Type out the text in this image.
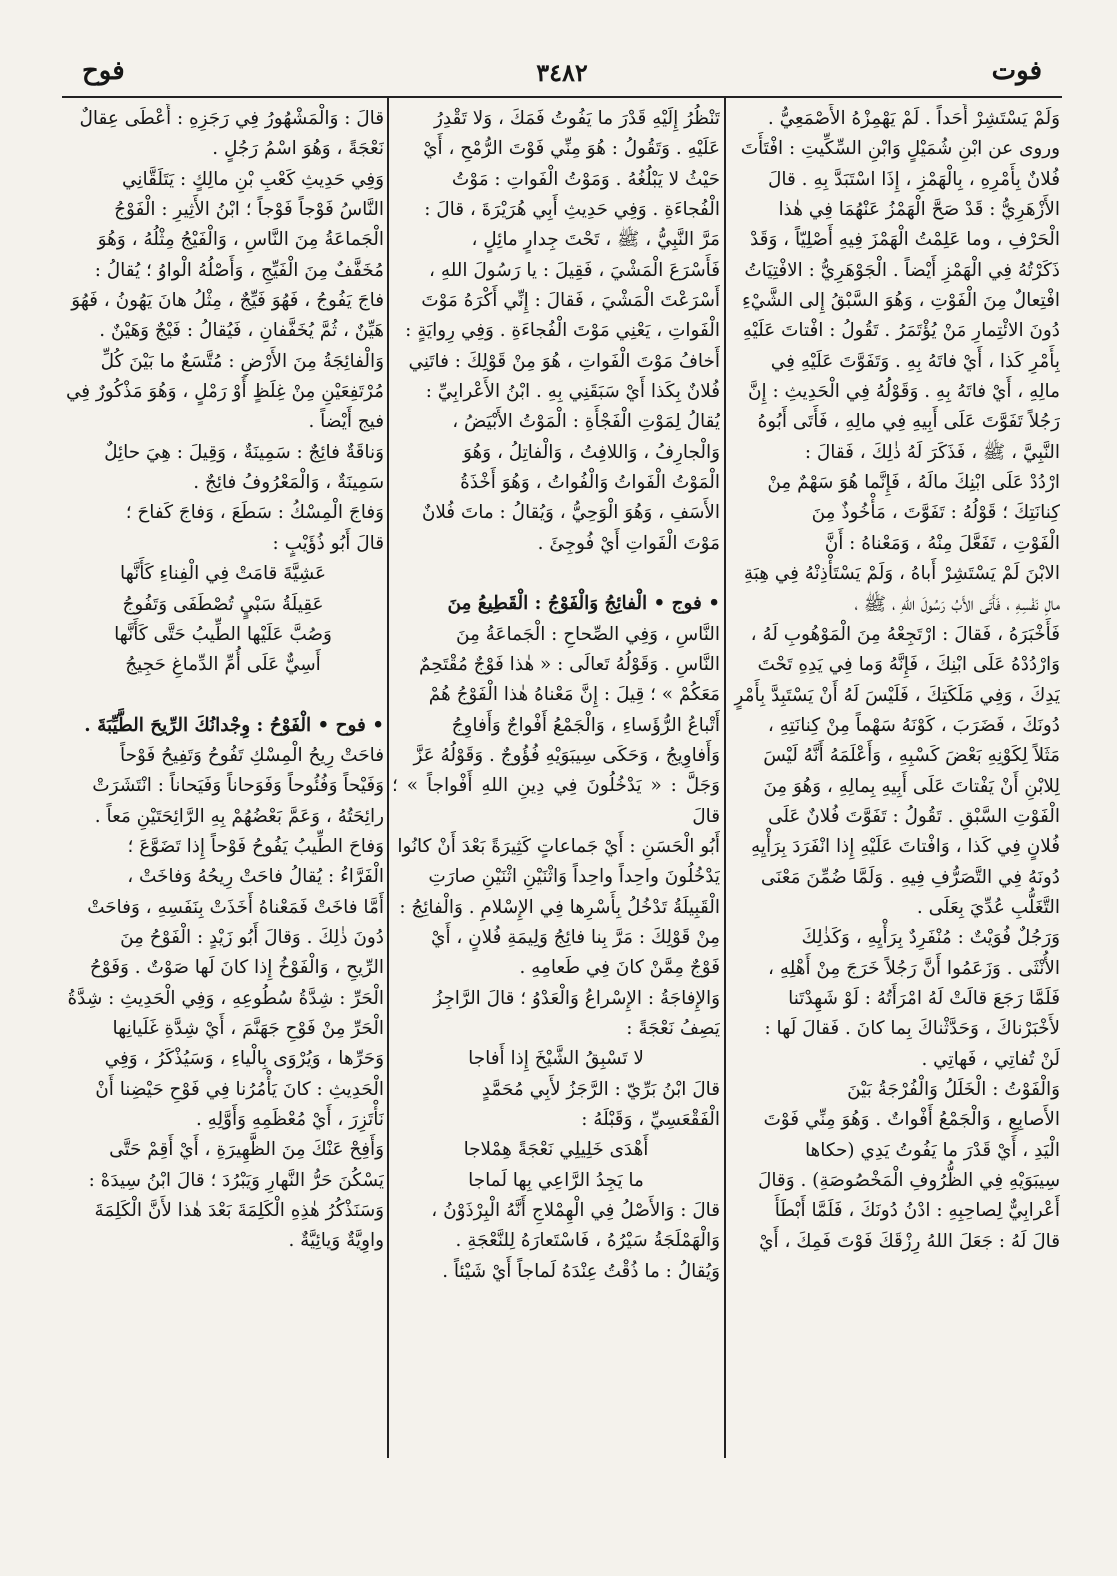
فوت
٣٤٨٢
فوح

وَلَمْ يَسْتَشِرْ أَحَداً . لَمْ يَهْمِزْهُ الأَصْمَعِيُّ .

وروى عن ابْنِ شُمَيْلٍ وَابْنِ السِّكِّيتِ : افْتَأَتَ

فُلانٌ بِأَمْرِهِ ، بِالْهَمْزِ ، إِذَا اسْتَبَدَّ بِهِ . قالَ

الأَزْهَرِيُّ : قَدْ صَحَّ الْهَمْزُ عَنْهُمَا فِي هٰذا

الْحَرْفِ ، وما عَلِمْتُ الْهَمْزَ فِيهِ أَصْلِيّاً ، وَقَدْ

ذَكَرْتُهُ فِي الْهَمْزِ أَيْضاً . الْجَوْهَرِيُّ : الافْتِيَاتُ

افْتِعالٌ مِنَ الْفَوْتِ ، وَهُوَ السَّبْقُ إِلى الشَّيْءِ

دُونَ الائْتِمارِ مَنْ يُؤْتَمَرُ . تَقُولُ : افْتاتَ عَلَيْهِ

بِأَمْرِ كَذا ، أَيْ فاتَهُ بِهِ . وَتَفَوَّتَ عَلَيْهِ فِي

مالِهِ ، أَيْ فاتَهُ بِهِ . وَقَوْلُهُ فِي الْحَدِيثِ : إِنَّ

رَجُلاً تَفَوَّتَ عَلَى أَبِيهِ فِي مالِهِ ، فَأَتَى أَبُوهُ

النَّبِيَّ ، ﷺ ، فَذَكَرَ لَهُ ذٰلِكَ ، فَقالَ :

ارْدُدْ عَلَى ابْنِكَ مالَهُ ، فَإِنَّما هُوَ سَهْمٌ مِنْ

كِنانَتِكَ ؛ قَوْلُهُ : تَفَوَّتَ ، مَأْخُوذٌ مِنَ

الْفَوْتِ ، تَفَعَّلَ مِنْهُ ، وَمَعْناهُ : أَنَّ

الابْنَ لَمْ يَسْتَشِرْ أَباهُ ، وَلَمْ يَسْتَأْذِنْهُ فِي هِبَةِ

مالِ نَفْسِهِ ، فَأَتَى الأَبُ رَسُولَ اللهِ ، ﷺ ،

فَأَخْبَرَهُ ، فَقالَ : ارْتَجِعْهُ مِنَ الْمَوْهُوبِ لَهُ ،

وَارْدُدْهُ عَلَى ابْنِكَ ، فَإِنَّهُ وَما فِي يَدِهِ تَحْتَ

يَدِكَ ، وَفِي مَلَكَتِكَ ، فَلَيْسَ لَهُ أَنْ يَسْتَبِدَّ بِأَمْرٍ

دُونَكَ ، فَضَرَبَ ، كَوْنَهُ سَهْماً مِنْ كِنانَتِهِ ،

مَثَلاً لِكَوْنِهِ بَعْضَ كَسْبِهِ ، وَأَعْلَمَهُ أَنَّهُ لَيْسَ

لِلابْنِ أَنْ يَفْتاتَ عَلَى أَبِيهِ بِمالِهِ ، وَهُوَ مِنَ

الْفَوْتِ السَّبْقِ . تَقُولُ : تَفَوَّتَ فُلانٌ عَلَى

فُلانٍ فِي كَذا ، وَافْتاتَ عَلَيْهِ إِذا انْفَرَدَ بِرَأْيِهِ

دُونَهُ فِي التَّصَرُّفِ فِيهِ . وَلَمَّا ضُمِّنَ مَعْنَى

التَّغَلُّبِ عُدِّيَ بِعَلَى .

وَرَجُلٌ فُوَيْتٌ : مُنْفَرِدٌ بِرَأْيِهِ ، وَكَذٰلِكَ

الأُنْثَى . وَزَعَمُوا أَنَّ رَجُلاً خَرَجَ مِنْ أَهْلِهِ ،

فَلَمَّا رَجَعَ قالَتْ لَهُ امْرَأَتُهُ : لَوْ شَهِدْتَنا

لأَخْبَرْناكَ ، وَحَدَّثْناكَ بِما كانَ . فَقالَ لَها :

لَنْ تُفاتِي ، فَهاتِي .

وَالْفَوْتُ : الْخَلَلُ وَالْفُرْجَةُ بَيْنَ

الأَصابِعِ ، وَالْجَمْعُ أَفْواتٌ . وَهُوَ مِنِّي فَوْتَ

الْيَدِ ، أَيْ قَدْرَ ما يَفُوتُ يَدِي (حكاها

سِيبَوَيْهِ فِي الظُّرُوفِ الْمَخْصُوصَةِ) . وَقالَ

أَعْرابِيٌّ لِصاحِبِهِ : ادْنُ دُونَكَ ، فَلَمَّا أَبْطَأَ

قالَ لَهُ : جَعَلَ اللهُ رِزْقَكَ فَوْتَ فَمِكَ ، أَيْ

تَنْظُرُ إِلَيْهِ قَدْرَ ما يَفُوتُ فَمَكَ ، وَلا تَقْدِرُ

عَلَيْهِ . وَتَقُولُ : هُوَ مِنِّي فَوْتَ الرُّمْحِ ، أَيْ

حَيْثُ لا يَبْلُغُهُ . وَمَوْتُ الْفَواتِ : مَوْتُ

الْفُجاءَةِ . وَفِي حَدِيثِ أَبِي هُرَيْرَةَ ، قالَ :

مَرَّ النَّبِيُّ ، ﷺ ، تَحْتَ جِدارٍ مائِلٍ ،

فَأَسْرَعَ الْمَشْيَ ، فَقِيلَ : يا رَسُولَ اللهِ ،

أَسْرَعْتَ الْمَشْيَ ، فَقالَ : إِنِّي أَكْرَهُ مَوْتَ

الْفَواتِ ، يَعْنِي مَوْتَ الْفُجاءَةِ . وَفِي رِوايَةٍ :

أَخافُ مَوْتَ الْفَواتِ ، هُوَ مِنْ قَوْلِكَ : فاتَنِي

فُلانٌ بِكَذا أَيْ سَبَقَنِي بِهِ . ابْنُ الأَعْرابِيِّ :

يُقالُ لِمَوْتِ الْفَجْأَةِ : الْمَوْتُ الأَبْيَضُ ،

وَالْجارِفُ ، وَاللافِتُ ، وَالْفاتِلُ ، وَهُوَ

الْمَوْتُ الْفَواتُ وَالْفُواتُ ، وَهُوَ أَخْذَةُ

الأَسَفِ ، وَهُوَ الْوَحِيُّ ، وَيُقالُ : ماتَ فُلانٌ

مَوْتَ الْفَواتِ أَيْ فُوجِئَ .

• فوج • الْفائِجُ وَالْفَوْجُ : الْقَطِيعُ مِنَ

النَّاسِ ، وَفِي الصِّحاحِ : الْجَماعَةُ مِنَ

النَّاسِ . وَقَوْلُهُ تَعالَى : « هٰذا فَوْجٌ مُقْتَحِمٌ

مَعَكُمْ » ؛ قِيلَ : إِنَّ مَعْناهُ هٰذا الْفَوْجُ هُمْ

أَتْباعُ الرُّؤَساءِ ، وَالْجَمْعُ أَفْواجٌ وَأَفاوِجُ

وَأَفاوِيجُ ، وَحَكَى سِيبَوَيْهِ فُؤُوجٌ . وَقَوْلُهُ عَزَّ

وَجَلَّ : « يَدْخُلُونَ فِي دِينِ اللهِ أَفْواجاً » ؛ قالَ

أَبُو الْحَسَنِ : أَيْ جَماعاتٍ كَثِيرَةً بَعْدَ أَنْ كانُوا

يَدْخُلُونَ واحِداً واحِداً وَاثْنَيْنِ اثْنَيْنِ صارَتِ

الْقَبِيلَةُ تَدْخُلُ بِأَسْرِها فِي الإِسْلامِ . وَالْفائِجُ :

مِنْ قَوْلِكَ : مَرَّ بِنا فائِجُ وَلِيمَةِ فُلانٍ ، أَيْ

فَوْجٌ مِمَّنْ كانَ فِي طَعامِهِ .

وَالإِفاجَةُ : الإِسْراعُ وَالْعَدْوُ ؛ قالَ الرَّاجِزُ

يَصِفُ نَعْجَةً :

لا تَسْبِقُ الشَّيْخَ إِذا أَفاجا

قالَ ابْنُ بَرِّيّ : الرَّجَزُ لأَبِي مُحَمَّدٍ

الْفَقْعَسِيِّ ، وَقَبْلَهُ :

أَهْدَى خَلِيلِي نَعْجَةً هِمْلاجا

ما يَجِدُ الرَّاعِي بِها لَماجا

قالَ : وَالأَصْلُ فِي الْهِمْلاجِ أَنَّهُ الْبِرْذَوْنُ ،

وَالْهَمْلَجَةُ سَيْرُهُ ، فَاسْتَعارَهُ لِلنَّعْجَةِ .

وَيُقالُ : ما ذُقْتُ عِنْدَهُ لَماجاً أَيْ شَيْئاً .

قالَ : وَالْمَشْهُورُ فِي رَجَزِهِ : أَعْطَى عِقالٌ

نَعْجَةً ، وَهُوَ اسْمُ رَجُلٍ .

وَفِي حَدِيثِ كَعْبِ بْنِ مالِكٍ : يَتَلَقَّانِي

النَّاسُ فَوْجاً فَوْجاً ؛ ابْنُ الأَثِيرِ : الْفَوْجُ

الْجَماعَةُ مِنَ النَّاسِ ، وَالْفَيْجُ مِثْلُهُ ، وَهُوَ

مُخَفَّفٌ مِنَ الْفَيِّجِ ، وَأَصْلُهُ الْواوُ ؛ يُقالُ :

فاجَ يَفُوجُ ، فَهُوَ فَيِّجٌ ، مِثْلُ هانَ يَهُونُ ، فَهُوَ

هَيِّنٌ ، ثُمَّ يُخَفَّفانِ ، فَيُقالُ : فَيْجٌ وَهَيْنٌ .

وَالْفائِجَةُ مِنَ الأَرْضِ : مُتَّسَعٌ ما بَيْنَ كُلِّ

مُرْتَفِعَيْنِ مِنْ غِلَظٍ أَوْ رَمْلٍ ، وَهُوَ مَذْكُورٌ فِي

فيج أَيْضاً .

وَناقَةٌ فائِجٌ : سَمِينَةٌ ، وَقِيلَ : هِيَ حائِلٌ

سَمِينَةٌ ، وَالْمَعْرُوفُ فائِجٌ .

وَفاجَ الْمِسْكُ : سَطَعَ ، وَفاجَ كَفاحَ ؛

قالَ أَبُو ذُؤَيْبٍ :

عَشِيَّةَ قامَتْ فِي الْفِناءِ كَأَنَّها

عَقِيلَةُ سَبْيٍ تُصْطَفَى وَتَفُوجُ

وَصُبَّ عَلَيْها الطِّيبُ حَتَّى كَأَنَّها

أَسِيٌّ عَلَى أُمِّ الدِّماغِ حَجِيجُ

• فوح • الْفَوْحُ : وِجْدانُكَ الرِّيحَ الطَّيِّبَةَ .

فاحَتْ رِيحُ الْمِسْكِ تَفُوحُ وَتَفِيحُ فَوْحاً

وَفَيْحاً وَفُئُوحاً وَفَوَحاناً وَفَيَحاناً : انْتَشَرَتْ

رائِحَتُهُ ، وَعَمَّ بَعْضُهُمْ بِهِ الرَّائِحَتَيْنِ مَعاً .

وَفاحَ الطِّيبُ يَفُوحُ فَوْحاً إِذا تَضَوَّعَ ؛

الْفَرَّاءُ : يُقالُ فاحَتْ رِيحُهُ وَفاخَتْ ،

أَمَّا فاخَتْ فَمَعْناهُ أَخَذَتْ بِنَفَسِهِ ، وَفاحَتْ

دُونَ ذٰلِكَ . وَقالَ أَبُو زَيْدٍ : الْفَوْحُ مِنَ

الرِّيحِ ، وَالْفَوْخُ إِذا كانَ لَها صَوْتٌ . وَفَوْحُ

الْحَرِّ : شِدَّةُ سُطُوعِهِ ، وَفِي الْحَدِيثِ : شِدَّةُ

الْحَرِّ مِنْ فَوْحِ جَهَنَّمَ ، أَيْ شِدَّةِ غَلَيانِها

وَحَرِّها ، وَيُرْوَى بِالْياءِ ، وَسَيُذْكَرُ ، وَفِي

الْحَدِيثِ : كانَ يَأْمُرُنا فِي فَوْحِ حَيْضِنا أَنْ

نَأْتَزِرَ ، أَيْ مُعْظَمِهِ وَأَوَّلِهِ .

وَأَفِحْ عَنْكَ مِنَ الظَّهِيرَةِ ، أَيْ أَقِمْ حَتَّى

يَسْكُنَ حَرُّ النَّهارِ وَيَبْرُدَ ؛ قالَ ابْنُ سِيدَهْ :

وَسَنَذْكُرُ هٰذِهِ الْكَلِمَةَ بَعْدَ هٰذا لأَنَّ الْكَلِمَةَ

واوِيَّةٌ وَيائِيَّةٌ .
